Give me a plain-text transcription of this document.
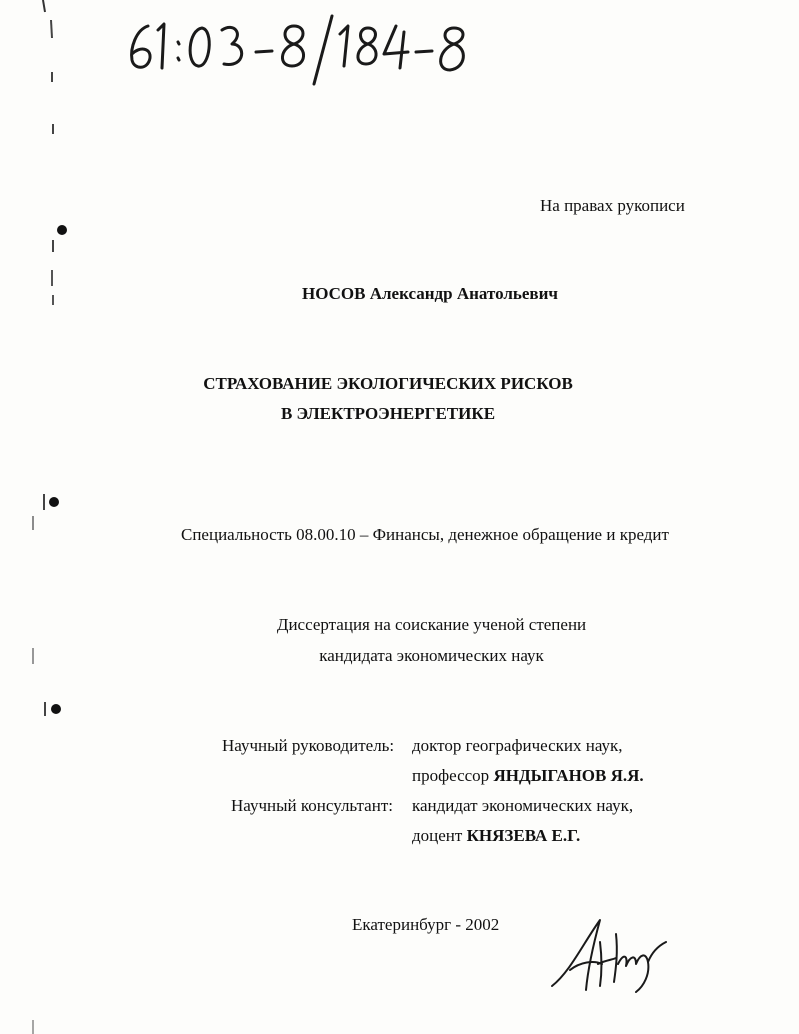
На правах рукописи
НОСОВ Александр Анатольевич
СТРАХОВАНИЕ ЭКОЛОГИЧЕСКИХ РИСКОВ
В ЭЛЕКТРОЭНЕРГЕТИКЕ
Специальность 08.00.10 – Финансы, денежное обращение и кредит
Диссертация на соискание ученой степени
кандидата экономических наук
Научный руководитель: доктор географических наук,
профессор ЯНДЫГАНОВ Я.Я.
Научный консультант: кандидат экономических наук,
доцент КНЯЗЕВА Е.Г.
Екатеринбург - 2002
